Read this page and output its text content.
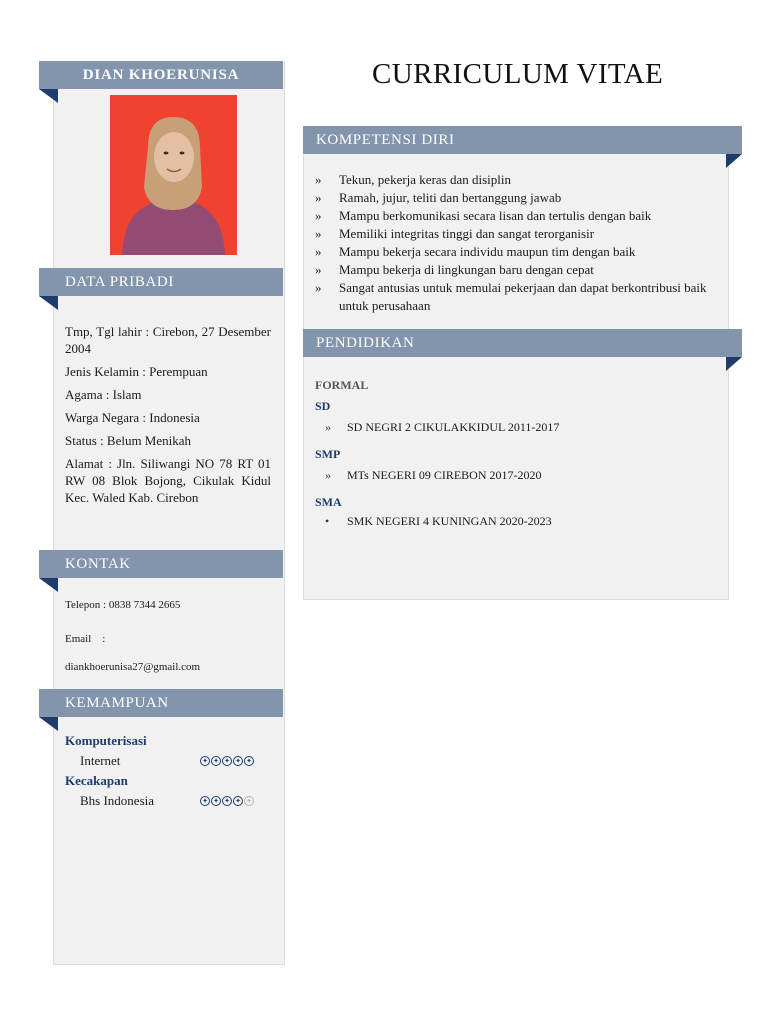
DIAN KHOERUNISA
DATA PRIBADI
Tmp, Tgl lahir : Cirebon, 27 Desember 2004
Jenis Kelamin : Perempuan
Agama : Islam
Warga Negara : Indonesia
Status : Belum Menikah
Alamat : Jln. Siliwangi NO 78 RT 01 RW 08 Blok Bojong, Cikulak Kidul Kec. Waled Kab. Cirebon
KONTAK
Telepon : 0838 7344 2665
Email    :
diankhoerunisa27@gmail.com
KEMAMPUAN
Komputerisasi
Internet	✦ ✦ ✦ ✦ ✦
Kecakapan
Bhs Indonesia	✦ ✦ ✦ ✦ ✦
CURRICULUM VITAE
KOMPETENSI DIRI
» Tekun, pekerja keras dan disiplin
» Ramah, jujur, teliti dan bertanggung jawab
» Mampu berkomunikasi secara lisan dan tertulis dengan baik
» Memiliki integritas tinggi dan sangat terorganisir
» Mampu bekerja secara individu maupun tim dengan baik
» Mampu bekerja di lingkungan baru dengan cepat
» Sangat antusias untuk memulai pekerjaan dan dapat berkontribusi baik untuk perusahaan
PENDIDIKAN
FORMAL
SD
» SD NEGRI 2 CIKULAKKIDUL 2011-2017
SMP
» MTs NEGERI 09 CIREBON 2017-2020
SMA
• SMK NEGERI 4 KUNINGAN 2020-2023
